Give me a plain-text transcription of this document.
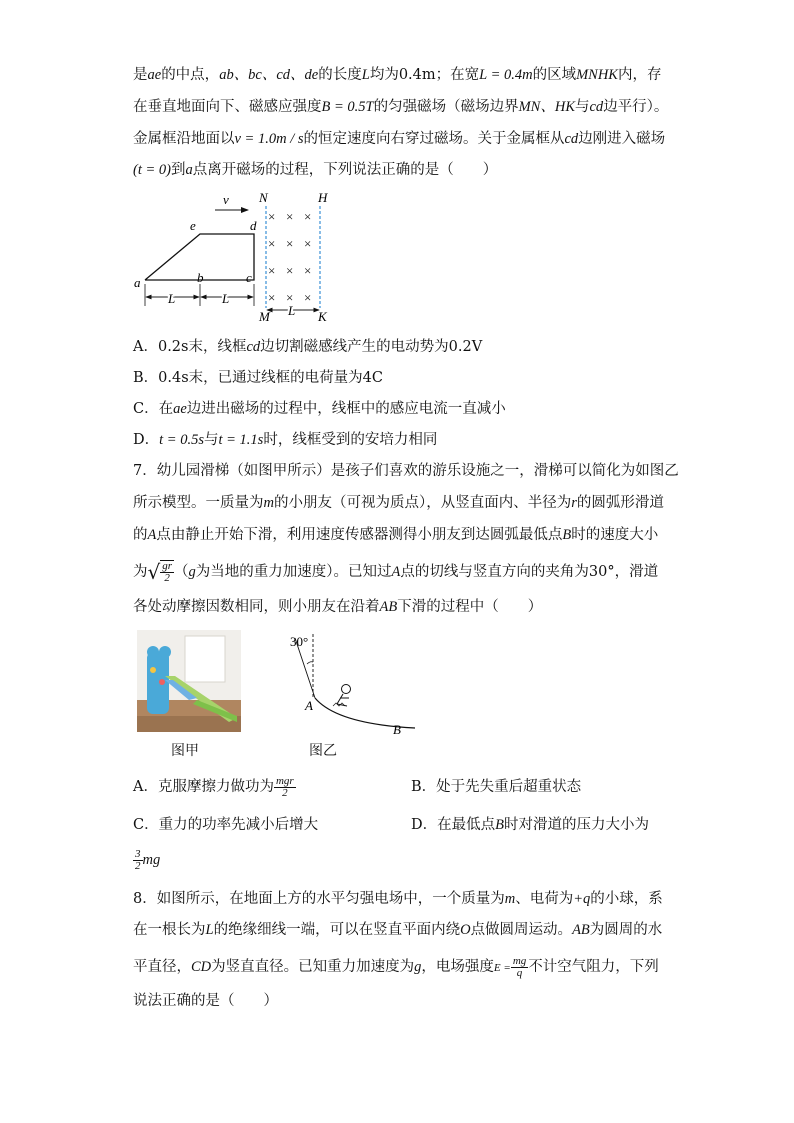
是ae的中点，ab、bc、cd、de的长度L均为0.4m；在宽L = 0.4m的区域MNHK内，存
在垂直地面向下、磁感应强度B = 0.5T的匀强磁场（磁场边界MN、HK与cd边平行）。
金属框沿地面以v = 1.0m / s的恒定速度向右穿过磁场。关于金属框从cd边刚进入磁场
(t = 0)到a点离开磁场的过程，下列说法正确的是（　　）
v
e	d
a	b	c
N	H
M	K
× × ×
× × ×
× × ×
× × ×
L	L
L
A．0.2s末，线框cd边切割磁感线产生的电动势为0.2V
B．0.4s末，已通过线框的电荷量为4C
C．在ae边进出磁场的过程中，线框中的感应电流一直减小
D．t = 0.5s与t = 1.1s时，线框受到的安培力相同
7．幼儿园滑梯（如图甲所示）是孩子们喜欢的游乐设施之一，滑梯可以简化为如图乙
所示模型。一质量为m的小朋友（可视为质点），从竖直面内、半径为r的圆弧形滑道
的A点由静止开始下滑，利用速度传感器测得小朋友到达圆弧最低点B时的速度大小
为√ $\frac{gr}{2} (g$为当地的重力加速度）。已知过A点的切线与竖直方向的夹角为30°，滑道
各处动摩擦因数相同，则小朋友在沿着AB下滑的过程中（　　）
图甲
30°
A
B
图乙
A．克服摩擦力做功为 $\frac{\text{mgr}}{2}$	B．处于先失重后超重状态
C．重力的功率先减小后增大	D．在最低点B时对滑道的压力大小为
$\frac{3}{2}$ mg
8．如图所示，在地面上方的水平匀强电场中，一个质量为m、电荷为+q的小球，系
在一根长为L的绝缘细线一端，可以在竖直平面内绕O点做圆周运动。AB为圆周的水
平直径，CD为竖直直径。已知重力加速度为g，电场强度$E = \frac{mg}{q}$ 不计空气阻力，下列
说法正确的是（　　）
